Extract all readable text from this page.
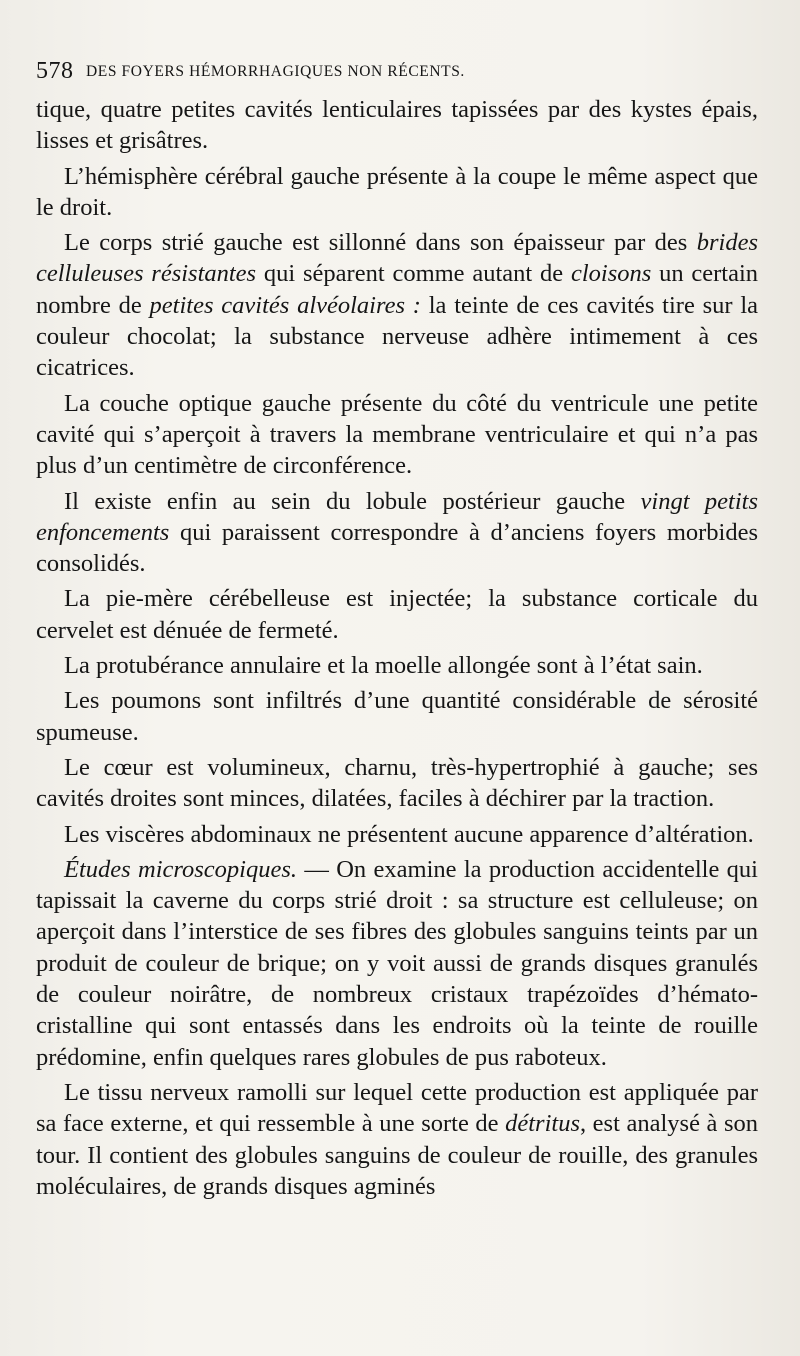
578 DES FOYERS HÉMORRHAGIQUES NON RÉCENTS.

tique, quatre petites cavités lenticulaires tapissées par des kystes épais, lisses et grisâtres.

L’hémisphère cérébral gauche présente à la coupe le même aspect que le droit.

Le corps strié gauche est sillonné dans son épaisseur par des brides celluleuses résistantes qui séparent comme autant de cloisons un certain nombre de petites cavités alvéolaires : la teinte de ces cavités tire sur la couleur chocolat; la substance nerveuse adhère intimement à ces cicatrices.

La couche optique gauche présente du côté du ventricule une petite cavité qui s’aperçoit à travers la membrane ventriculaire et qui n’a pas plus d’un centimètre de circonférence.

Il existe enfin au sein du lobule postérieur gauche vingt petits enfoncements qui paraissent correspondre à d’anciens foyers morbides consolidés.

La pie-mère cérébelleuse est injectée; la substance corticale du cervelet est dénuée de fermeté.

La protubérance annulaire et la moelle allongée sont à l’état sain.

Les poumons sont infiltrés d’une quantité considérable de sérosité spumeuse.

Le cœur est volumineux, charnu, très-hypertrophié à gauche; ses cavités droites sont minces, dilatées, faciles à déchirer par la traction.

Les viscères abdominaux ne présentent aucune apparence d’altération.

Études microscopiques. — On examine la production accidentelle qui tapissait la caverne du corps strié droit : sa structure est celluleuse; on aperçoit dans l’interstice de ses fibres des globules sanguins teints par un produit de couleur de brique; on y voit aussi de grands disques granulés de couleur noirâtre, de nombreux cristaux trapézoïdes d’hémato-cristalline qui sont entassés dans les endroits où la teinte de rouille prédomine, enfin quelques rares globules de pus raboteux.

Le tissu nerveux ramolli sur lequel cette production est appliquée par sa face externe, et qui ressemble à une sorte de détritus, est analysé à son tour. Il contient des globules sanguins de couleur de rouille, des granules moléculaires, de grands disques agminés
